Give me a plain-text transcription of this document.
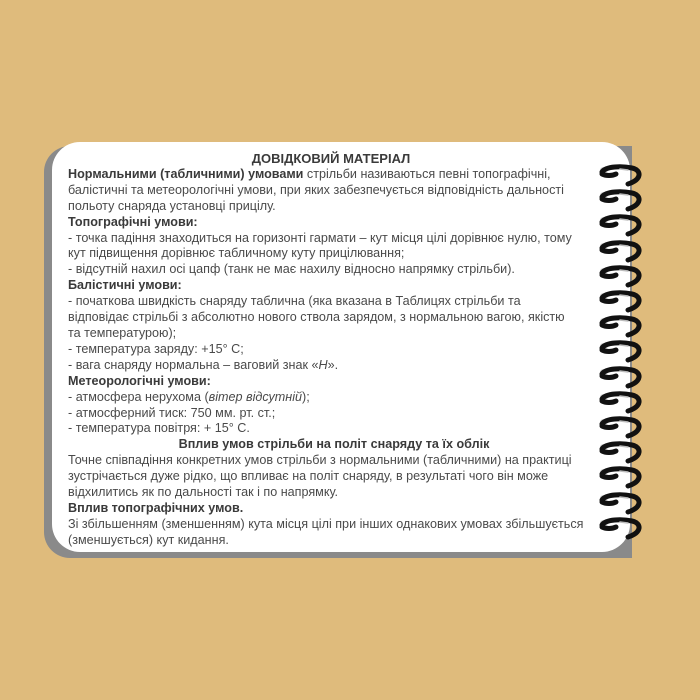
ДОВІДКОВИЙ МАТЕРІАЛ

Нормальними (табличними) умовами стрільби називаються певні топографічні,

балістичні та метеорологічні умови, при яких забезпечується відповідність дальності

польоту снаряда установці прицілу.

Топографічні умови:

- точка падіння знаходиться на горизонті гармати – кут місця цілі дорівнює нулю, тому

кут підвищення дорівнює табличному куту прицілювання;

- відсутній нахил осі цапф (танк не має нахилу відносно напрямку стрільби).

Балістичні умови:

- початкова швидкість снаряду таблична (яка вказана в Таблицях стрільби та

відповідає стрільбі з абсолютно нового ствола зарядом, з нормальною вагою, якістю

та температурою);

- температура заряду: +15° С;

- вага снаряду нормальна – ваговий знак «Н».

Метеорологічні умови:

- атмосфера нерухома (вітер відсутній);

- атмосферний тиск: 750 мм. рт. ст.;

- температура повітря: + 15° С.

Вплив умов стрільби на політ снаряду та їх облік

Точне співпадіння конкретних умов стрільби з нормальними (табличними) на практиці

зустрічається дуже рідко, що впливає на політ снаряду, в результаті чого він може

відхилитись як по дальності так і по напрямку.

Вплив топографічних умов.

Зі збільшенням (зменшенням) кута місця цілі при інших однакових умовах збільшується

(зменшується) кут кидання.
